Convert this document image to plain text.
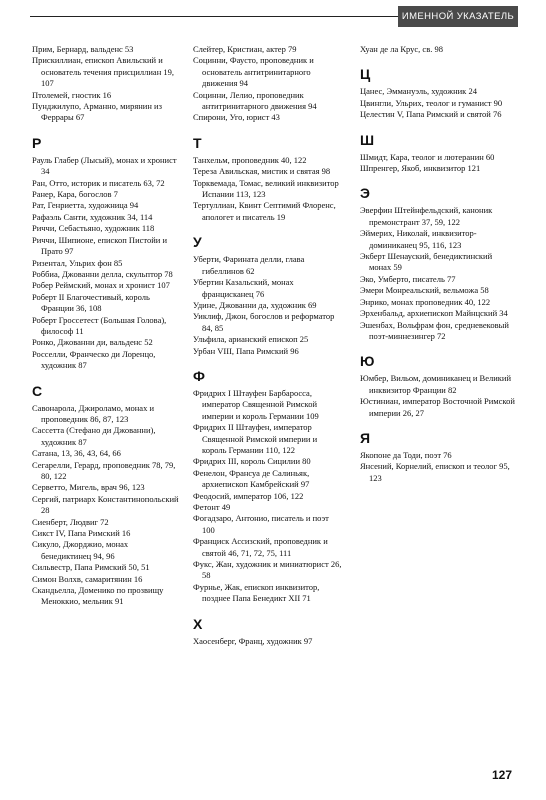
ИМЕННОЙ УКАЗАТЕЛЬ
Прим, Бернард, вальденс 53
Прискиллиан, епископ Авильский и основатель течения присциллиан 19, 107
Птолемей, гностик 16
Пунджилупо, Арманно, мирянин из Феррары 67
Р
Рауль Глабер (Лысый), монах и хронист 34
Ран, Отто, историк и писатель 63, 72
Ранер, Кара, богослов 7
Рат, Генриетта, художница 94
Рафаэль Санти, художник 34, 114
Риччи, Себастьяно, художник 118
Риччи, Шипионе, епископ Пистойи и Прато 97
Ризентал, Ульрих фон 85
Роббиа, Джованни делла, скульптор 78
Робер Реймский, монах и хронист 107
Роберт II Благочестивый, король Франции 36, 108
Роберт Гроссетест (Большая Голова), философ 11
Ронко, Джованни ди, вальденс 52
Росселли, Франческо ди Лоренцо, художник 87
С
Савонарола, Джироламо, монах и проповедник 86, 87, 123
Сассетта (Стефано ди Джованни), художник 87
Сатана, 13, 36, 43, 64, 66
Сегарелли, Герард, проповедник 78, 79, 80, 122
Серветто, Мигель, врач 96, 123
Сергий, патриарх Константинопольский 28
Сиенберт, Людвиг 72
Сикст IV, Папа Римский 16
Сикуло, Джорджио, монах бенедиктинец 94, 96
Сильвестр, Папа Римский 50, 51
Симон Волхв, самаритянин 16
Скандьелла, Доменико по прозвищу Меноккио, мельник 91
Слейтер, Кристиан, актер 79
Социнни, Фаусто, проповедник и основатель антитринитарного движения 94
Социнни, Лелио, проповедник антитринитарного движения 94
Спирони, Уго, юрист 43
Т
Танхельм, проповедник 40, 122
Тереза Авильская, мистик и святая 98
Торквемада, Томас, великий инквизитор Испании 113, 123
Тертуллиан, Квинт Септимий Флоренс, апологет и писатель 19
У
Уберти, Фарината делли, глава гибеллинов 62
Убертин Казальский, монах францисканец 76
Удине, Джованни да, художник 69
Уиклиф, Джон, богослов и реформатор 84, 85
Ульфила, арианский епископ 25
Урбан VIII, Папа Римский 96
Ф
Фридрих I Штауфен Барбаросса, император Священной Римской империи и король Германии 109
Фридрих II Штауфен, император Священной Римской империи и король Германии 110, 122
Фридрих III, король Сицилии 80
Фенелон, Франсуа де Салиньяк, архиепископ Камбрейский 97
Феодосий, император 106, 122
Фетонт 49
Фогадзаро, Антонио, писатель и поэт 100
Франциск Ассизский, проповедник и святой 46, 71, 72, 75, 111
Фукс, Жан, художник и миниатюрист 26, 58
Фурнье, Жак, епископ инквизитор, позднее Папа Бенедикт XII 71
Х
Хаосенберг, Франц, художник 97
Хуан де ла Крус, св. 98
Ц
Цанес, Эммануэль, художник 24
Цвингли, Ульрих, теолог и гуманист 90
Целестин V, Папа Римский и святой 76
Ш
Шмидт, Кара, теолог и лютеранин 60
Шпренгер, Якоб, инквизитор 121
Э
Эверфин Штейнфельдский, каноник премонстрант 37, 59, 122
Эймерих, Николай, инквизитор-доминиканец 95, 116, 123
Экберт Шенауский, бенедиктинский монах 59
Эко, Умберто, писатель 77
Эмери Монреальский, вельможа 58
Энрико, монах проповедник 40, 122
Эрхенбальд, архиепископ Майнцский 34
Эшенбах, Вольфрам фон, средневековый поэт-миннезингер 72
Ю
Юмбер, Вильом, доминиканец и Великий инквизитор Франции 82
Юстиниан, император Восточной Римской империи 26, 27
Я
Якопоне да Тоди, поэт 76
Янсений, Корнелий, епископ и теолог 95, 123
127
